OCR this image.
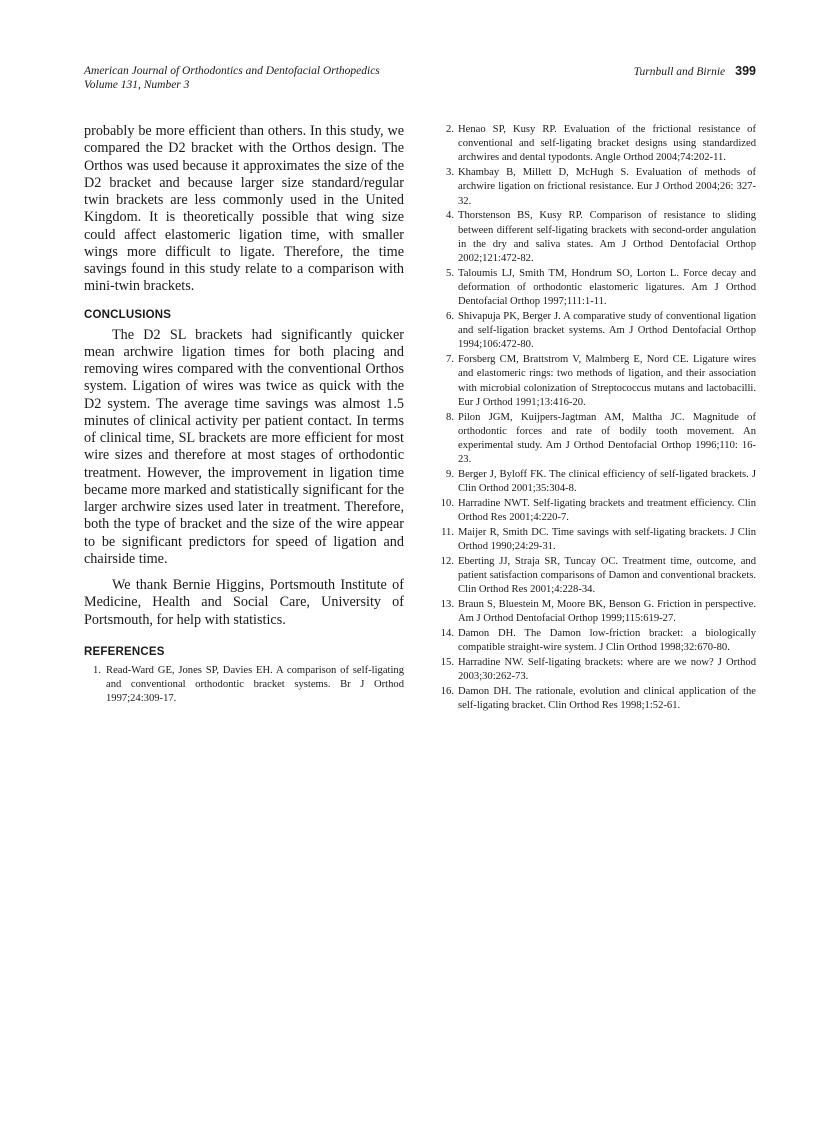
American Journal of Orthodontics and Dentofacial Orthopedics
Volume 131, Number 3
Turnbull and Birnie 399

probably be more efficient than others. In this study, we compared the D2 bracket with the Orthos design. The Orthos was used because it approximates the size of the D2 bracket and because larger size standard/regular twin brackets are less commonly used in the United Kingdom. It is theoretically possible that wing size could affect elastomeric ligation time, with smaller wings more difficult to ligate. Therefore, the time savings found in this study relate to a comparison with mini-twin brackets.

CONCLUSIONS

The D2 SL brackets had significantly quicker mean archwire ligation times for both placing and removing wires compared with the conventional Orthos system. Ligation of wires was twice as quick with the D2 system. The average time savings was almost 1.5 minutes of clinical activity per patient contact. In terms of clinical time, SL brackets are more efficient for most wire sizes and therefore at most stages of orthodontic treatment. However, the improvement in ligation time became more marked and statistically significant for the larger archwire sizes used later in treatment. Therefore, both the type of bracket and the size of the wire appear to be significant predictors for speed of ligation and chairside time.

We thank Bernie Higgins, Portsmouth Institute of Medicine, Health and Social Care, University of Portsmouth, for help with statistics.

REFERENCES
1. Read-Ward GE, Jones SP, Davies EH. A comparison of self-ligating and conventional orthodontic bracket systems. Br J Orthod 1997;24:309-17.
2. Henao SP, Kusy RP. Evaluation of the frictional resistance of conventional and self-ligating bracket designs using standardized archwires and dental typodonts. Angle Orthod 2004;74:202-11.
3. Khambay B, Millett D, McHugh S. Evaluation of methods of archwire ligation on frictional resistance. Eur J Orthod 2004;26: 327-32.
4. Thorstenson BS, Kusy RP. Comparison of resistance to sliding between different self-ligating brackets with second-order angulation in the dry and saliva states. Am J Orthod Dentofacial Orthop 2002;121:472-82.
5. Taloumis LJ, Smith TM, Hondrum SO, Lorton L. Force decay and deformation of orthodontic elastomeric ligatures. Am J Orthod Dentofacial Orthop 1997;111:1-11.
6. Shivapuja PK, Berger J. A comparative study of conventional ligation and self-ligation bracket systems. Am J Orthod Dentofacial Orthop 1994;106:472-80.
7. Forsberg CM, Brattstrom V, Malmberg E, Nord CE. Ligature wires and elastomeric rings: two methods of ligation, and their association with microbial colonization of Streptococcus mutans and lactobacilli. Eur J Orthod 1991;13:416-20.
8. Pilon JGM, Kuijpers-Jagtman AM, Maltha JC. Magnitude of orthodontic forces and rate of bodily tooth movement. An experimental study. Am J Orthod Dentofacial Orthop 1996;110: 16-23.
9. Berger J, Byloff FK. The clinical efficiency of self-ligated brackets. J Clin Orthod 2001;35:304-8.
10. Harradine NWT. Self-ligating brackets and treatment efficiency. Clin Orthod Res 2001;4:220-7.
11. Maijer R, Smith DC. Time savings with self-ligating brackets. J Clin Orthod 1990;24:29-31.
12. Eberting JJ, Straja SR, Tuncay OC. Treatment time, outcome, and patient satisfaction comparisons of Damon and conventional brackets. Clin Orthod Res 2001;4:228-34.
13. Braun S, Bluestein M, Moore BK, Benson G. Friction in perspective. Am J Orthod Dentofacial Orthop 1999;115:619-27.
14. Damon DH. The Damon low-friction bracket: a biologically compatible straight-wire system. J Clin Orthod 1998;32:670-80.
15. Harradine NW. Self-ligating brackets: where are we now? J Orthod 2003;30:262-73.
16. Damon DH. The rationale, evolution and clinical application of the self-ligating bracket. Clin Orthod Res 1998;1:52-61.
